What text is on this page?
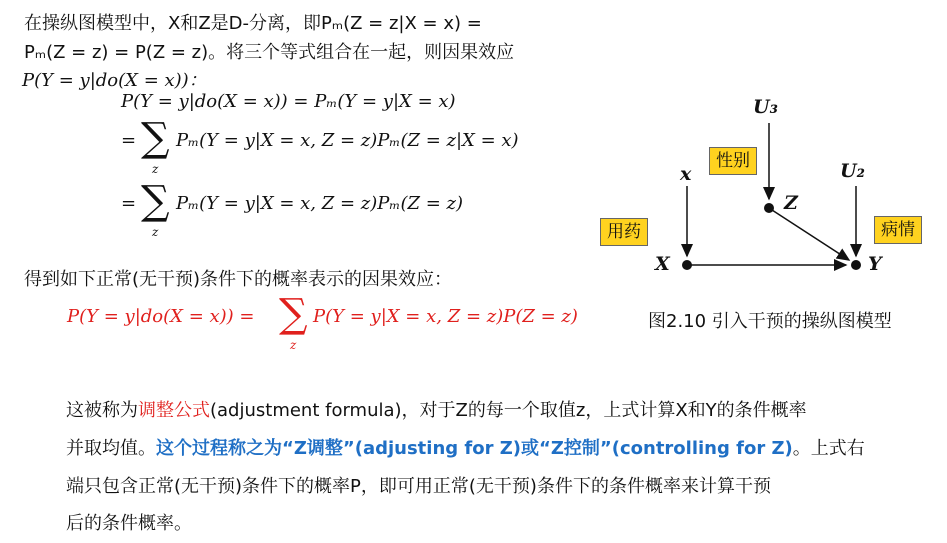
在操纵图模型中，X和Z是D-分离，即Pₘ(Z = z|X = x) =
Pₘ(Z = z) = P(Z = z)。将三个等式组合在一起，则因果效应
P(Y = y|do(X = x))：
P(Y = y|do(X = x)) = Pₘ(Y = y|X = x)
= ∑
z
Pₘ(Y = y|X = x, Z = z)Pₘ(Z = z|X = x)
= ∑
z
Pₘ(Y = y|X = x, Z = z)Pₘ(Z = z)
得到如下正常(无干预)条件下的概率表示的因果效应：
P(Y = y|do(X = x)) = ∑
z
P(Y = y|X = x, Z = z)P(Z = z)
U₃
U₂
x
Z
X	Y
性别
用药	病情
图2.10 引入干预的操纵图模型
这被称为调整公式(adjustment formula)，对于Z的每一个取值z，上式计算X和Y的条件概率
并取均值。这个过程称之为“Z调整”(adjusting for Z)或“Z控制”(controlling for Z)。上式右
端只包含正常(无干预)条件下的概率P，即可用正常(无干预)条件下的条件概率来计算干预
后的条件概率。
